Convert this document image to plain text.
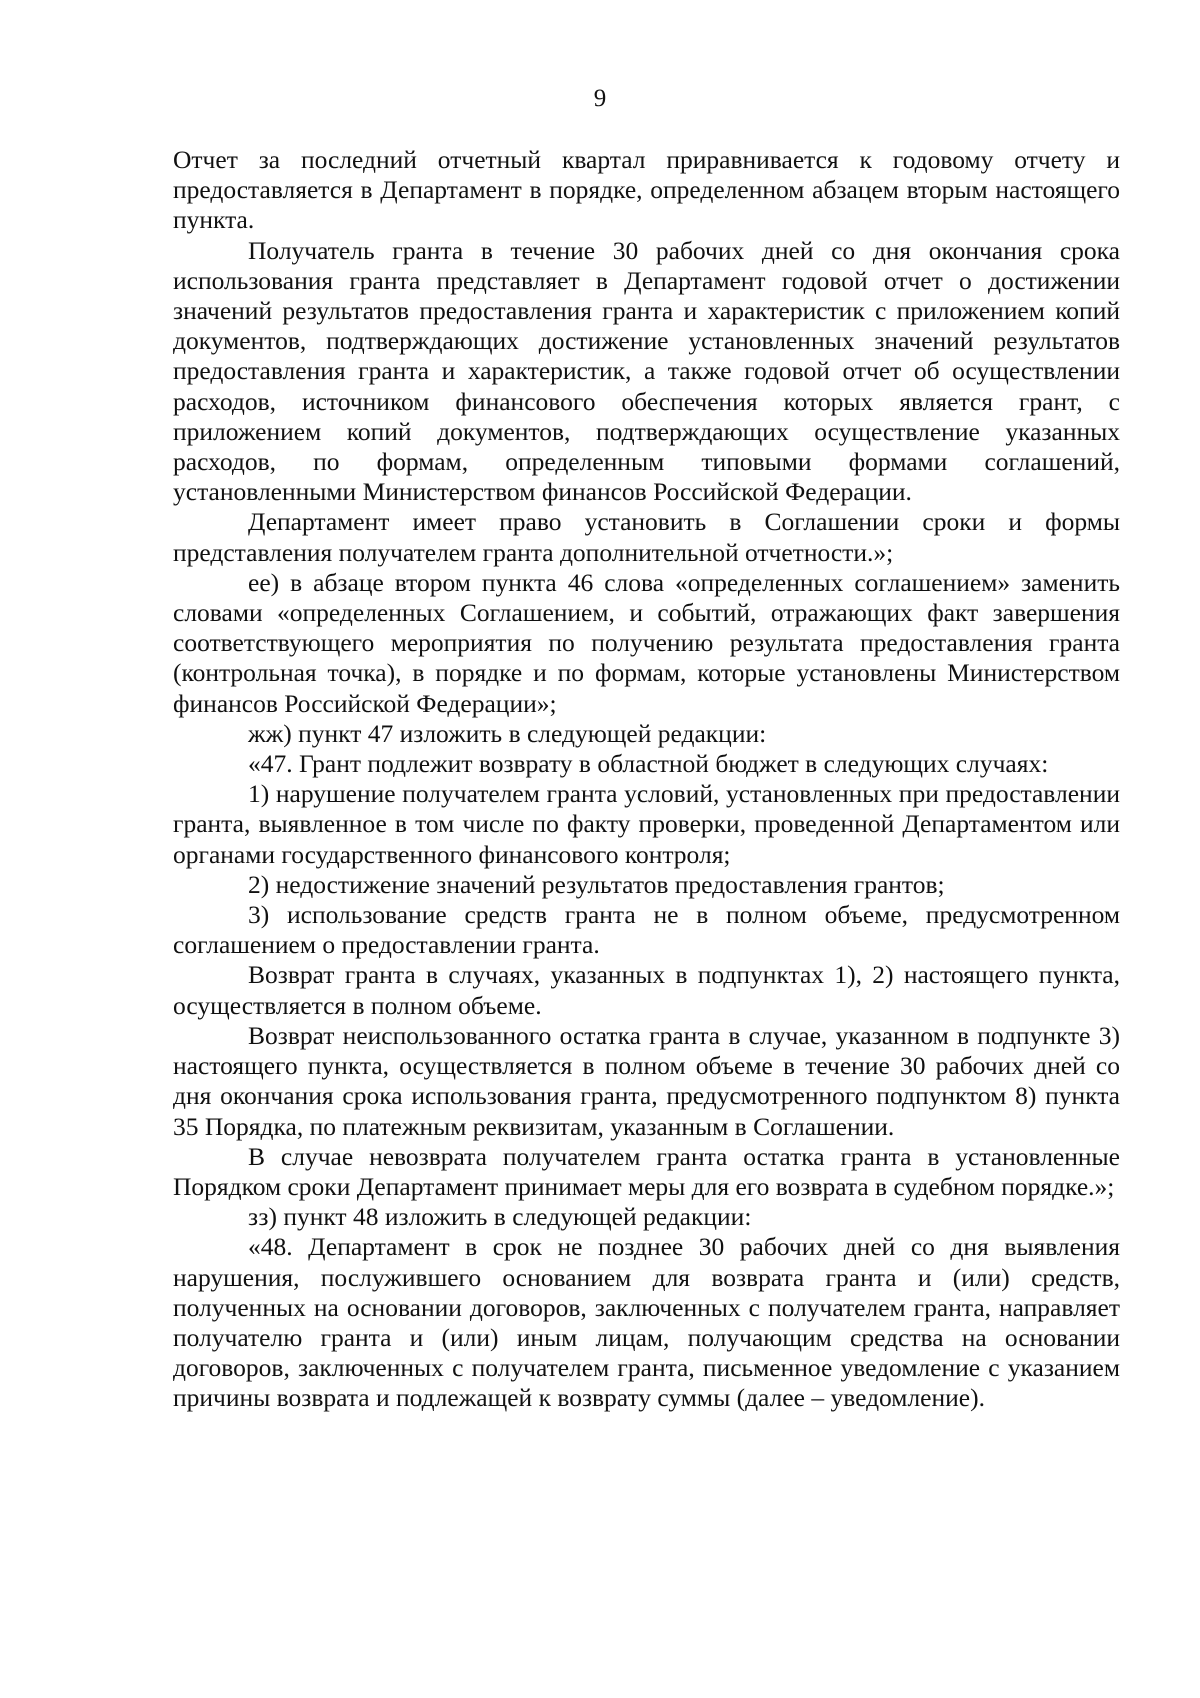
9

Отчет за последний отчетный квартал приравнивается к годовому отчету и предоставляется в Департамент в порядке, определенном абзацем вторым настоящего пункта.

Получатель гранта в течение 30 рабочих дней со дня окончания срока использования гранта представляет в Департамент годовой отчет о достижении значений результатов предоставления гранта и характеристик с приложением копий документов, подтверждающих достижение установленных значений результатов предоставления гранта и характеристик, а также годовой отчет об осуществлении расходов, источником финансового обеспечения которых является грант, с приложением копий документов, подтверждающих осуществление указанных расходов, по формам, определенным типовыми формами соглашений, установленными Министерством финансов Российской Федерации.

Департамент имеет право установить в Соглашении сроки и формы представления получателем гранта дополнительной отчетности.»;

ее) в абзаце втором пункта 46 слова «определенных соглашением» заменить словами «определенных Соглашением, и событий, отражающих факт завершения соответствующего мероприятия по получению результата предоставления гранта (контрольная точка), в порядке и по формам, которые установлены Министерством финансов Российской Федерации»;

жж) пункт 47 изложить в следующей редакции:

«47. Грант подлежит возврату в областной бюджет в следующих случаях:

1) нарушение получателем гранта условий, установленных при предоставлении гранта, выявленное в том числе по факту проверки, проведенной Департаментом или органами государственного финансового контроля;

2) недостижение значений результатов предоставления грантов;

3) использование средств гранта не в полном объеме, предусмотренном соглашением о предоставлении гранта.

Возврат гранта в случаях, указанных в подпунктах 1), 2) настоящего пункта, осуществляется в полном объеме.

Возврат неиспользованного остатка гранта в случае, указанном в подпункте 3) настоящего пункта, осуществляется в полном объеме в течение 30 рабочих дней со дня окончания срока использования гранта, предусмотренного подпунктом 8) пункта 35 Порядка, по платежным реквизитам, указанным в Соглашении.

В случае невозврата получателем гранта остатка гранта в установленные Порядком сроки Департамент принимает меры для его возврата в судебном порядке.»;

зз) пункт 48 изложить в следующей редакции:

«48. Департамент в срок не позднее 30 рабочих дней со дня выявления нарушения, послужившего основанием для возврата гранта и (или) средств, полученных на основании договоров, заключенных с получателем гранта, направляет получателю гранта и (или) иным лицам, получающим средства на основании договоров, заключенных с получателем гранта, письменное уведомление с указанием причины возврата и подлежащей к возврату суммы (далее – уведомление).
